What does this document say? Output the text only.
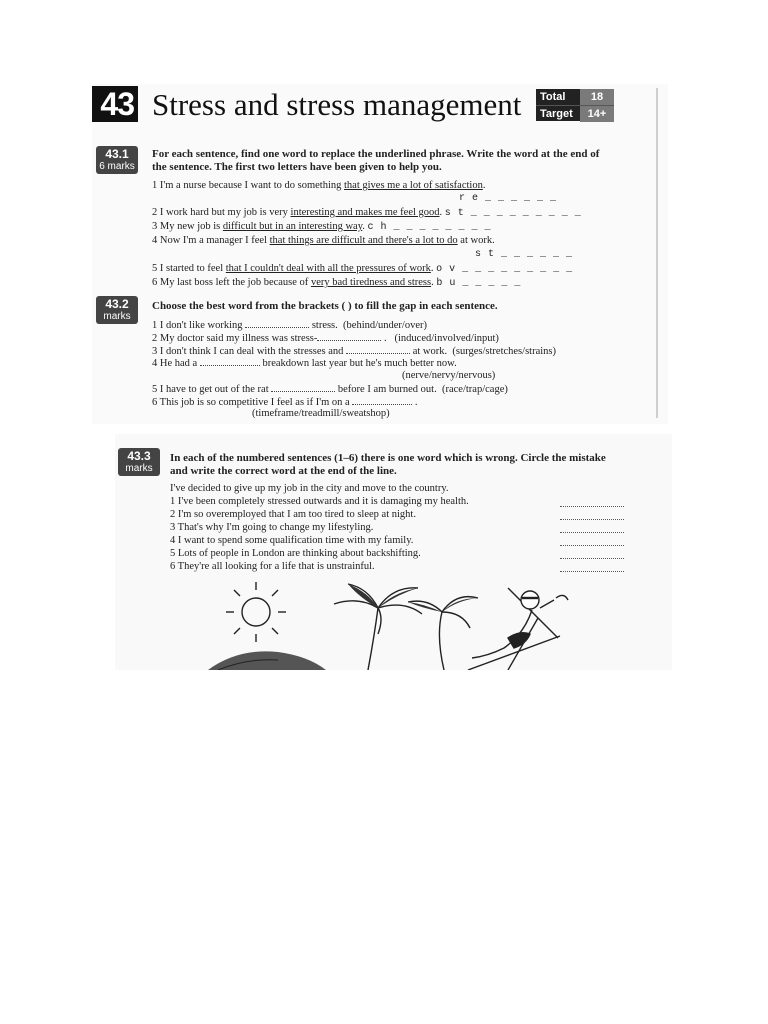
43 Stress and stress management	Total	18
Target	14+
43.1
6 marks
For each sentence, find one word to replace the underlined phrase. Write the word at the end of the sentence. The first two letters have been given to help you.
1 I'm a nurse because I want to do something that gives me a lot of satisfaction.
r e _ _ _ _ _ _
2 I work hard but my job is very interesting and makes me feel good. s t _ _ _ _ _ _ _ _ _
3 My new job is difficult but in an interesting way. c h _ _ _ _ _ _ _ _
4 Now I'm a manager I feel that things are difficult and there's a lot to do at work.
s t _ _ _ _ _ _
5 I started to feel that I couldn't deal with all the pressures of work. o v _ _ _ _ _ _ _ _ _
6 My last boss left the job because of very bad tiredness and stress. b u _ _ _ _ _
43.2
marks
Choose the best word from the brackets ( ) to fill the gap in each sentence.
1 I don't like working	stress. (behind/under/over)
2 My doctor said my illness was stress-	. (induced/involved/input)
3 I don't think I can deal with the stresses and	at work. (surges/stretches/strains)
4 He had a	breakdown last year but he's much better now.
(nerve/nervy/nervous)
5 I have to get out of the rat	before I am burned out. (race/trap/cage)
6 This job is so competitive I feel as if I'm on a	.
(timeframe/treadmill/sweatshop)
43.3
marks
In each of the numbered sentences (1–6) there is one word which is wrong. Circle the mistake and write the correct word at the end of the line.
I've decided to give up my job in the city and move to the country.
1 I've been completely stressed outwards and it is damaging my health.
2 I'm so overemployed that I am too tired to sleep at night.
3 That's why I'm going to change my lifestyling.
4 I want to spend some qualification time with my family.
5 Lots of people in London are thinking about backshifting.
6 They're all looking for a life that is unstrainful.
